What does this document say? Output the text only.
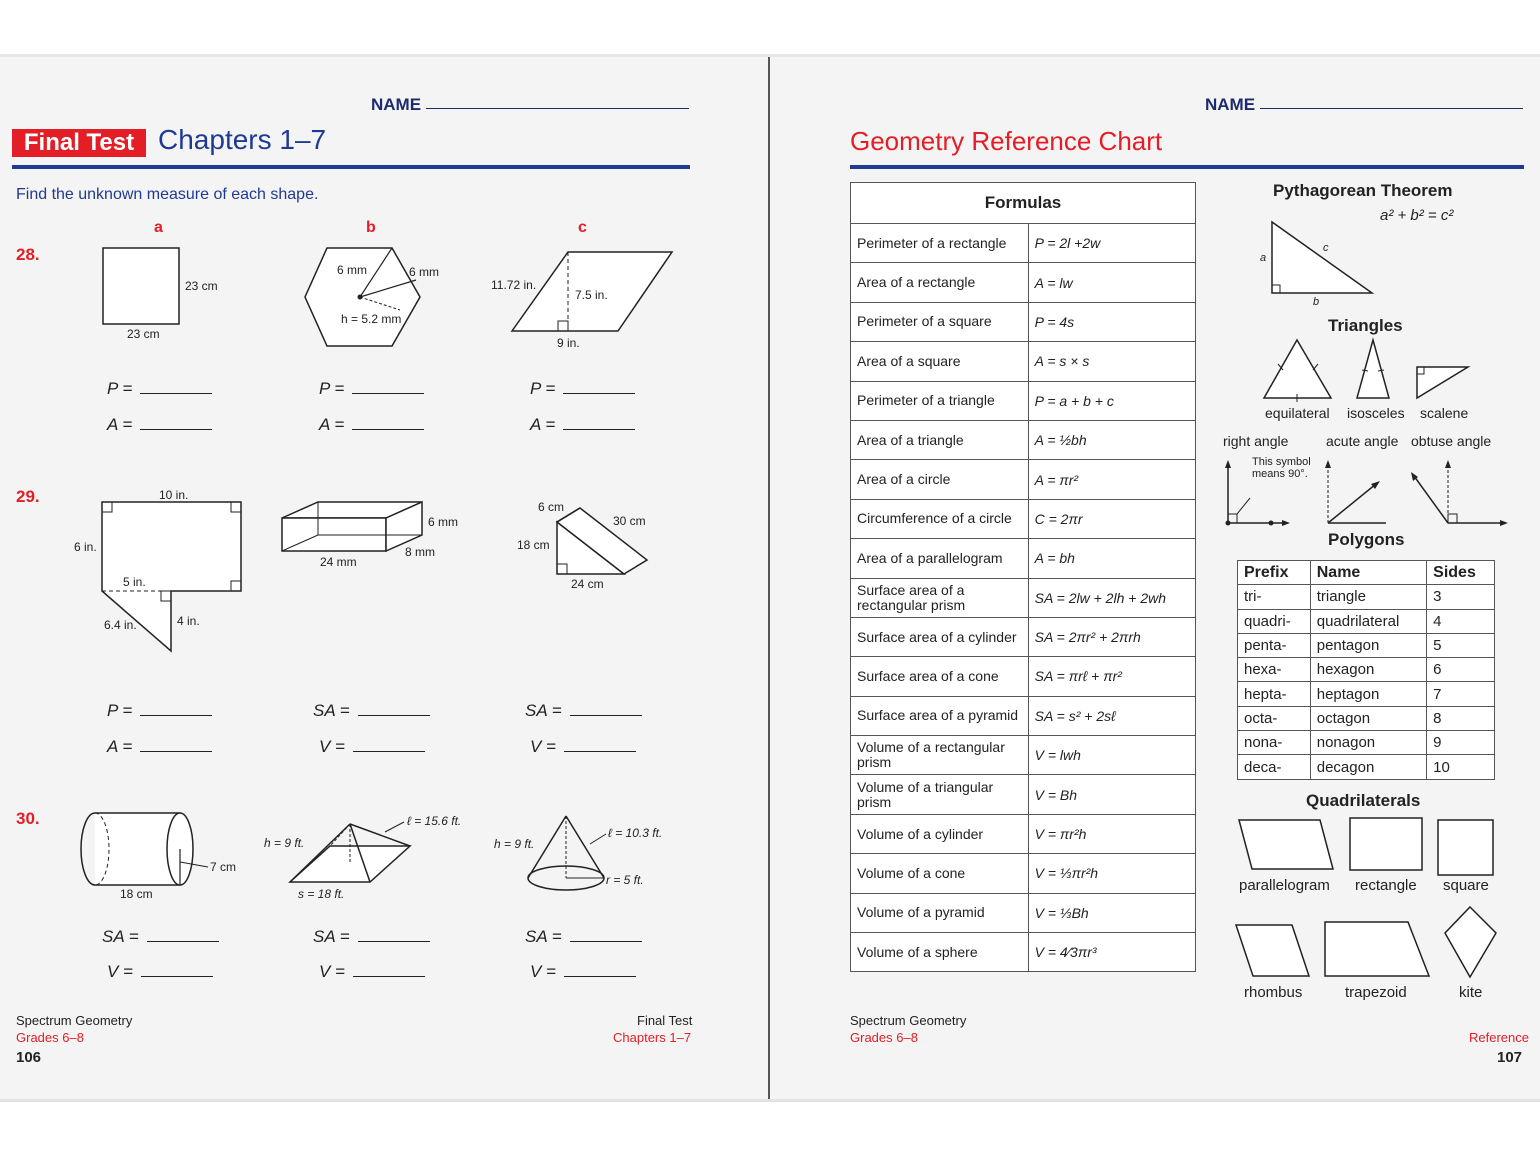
NAME
Final Test Chapters 1–7
Find the unknown measure of each shape.
a	b	c
28.
29.
30.
23 cm
23 cm
6 mm	6 mm
h = 5.2 mm
11.72 in.
7.5 in.
9 in.
10 in.
6 in.
5 in.
6.4 in.	4 in.
6 mm
24 mm
8 mm
6 cm
30 cm
18 cm
24 cm
7 cm
18 cm
h = 9 ft.
ℓ = 15.6 ft.
s = 18 ft.
h = 9 ft.
ℓ = 10.3 ft.
r = 5 ft.
P =
A =
P =
A =
P =
A =
P =
A =
SA =
V =
SA =
V =
SA =
V =
SA =
V =
SA =
V =
Spectrum Geometry
Grades 6–8
106
Final Test
Chapters 1–7
NAME
Geometry Reference Chart
Formulas	
Perimeter of a rectangle	P = 2l +2w
Area of a rectangle	A = lw
Perimeter of a square	P = 4s
Area of a square	A = s × s
Perimeter of a triangle	P = a + b + c
Area of a triangle	A = ½bh
Area of a circle	A = πr²
Circumference of a circle	C = 2πr
Area of a parallelogram	A = bh
Surface area of a rectangular prism	SA = 2lw + 2lh + 2wh
Surface area of a cylinder	SA = 2πr² + 2πrh
Surface area of a cone	SA = πrℓ + πr²
Surface area of a pyramid	SA = s² + 2sℓ
Volume of a rectangular prism	V = lwh
Volume of a triangular prism	V = Bh
Volume of a cylinder	V = πr²h
Volume of a cone	V = ⅓πr²h
Volume of a pyramid	V = ⅓Bh
Volume of a sphere	V = 4⁄3πr³
Pythagorean Theorem
a² + b² = c²
a
c
b
Triangles
equilateral isosceles scalene
right angle	acute angle obtuse angle
This symbol means 90°.
Polygons
Prefix	Name	Sides
tri-	triangle	3
quadri-	quadrilateral	4
penta-	pentagon	5
hexa-	hexagon	6
hepta-	heptagon	7
octa-	octagon	8
nona-	nonagon	9
deca-	decagon	10
Quadrilaterals
parallelogram rectangle square
rhombus	trapezoid	kite
Spectrum Geometry
Grades 6–8	Reference
107
